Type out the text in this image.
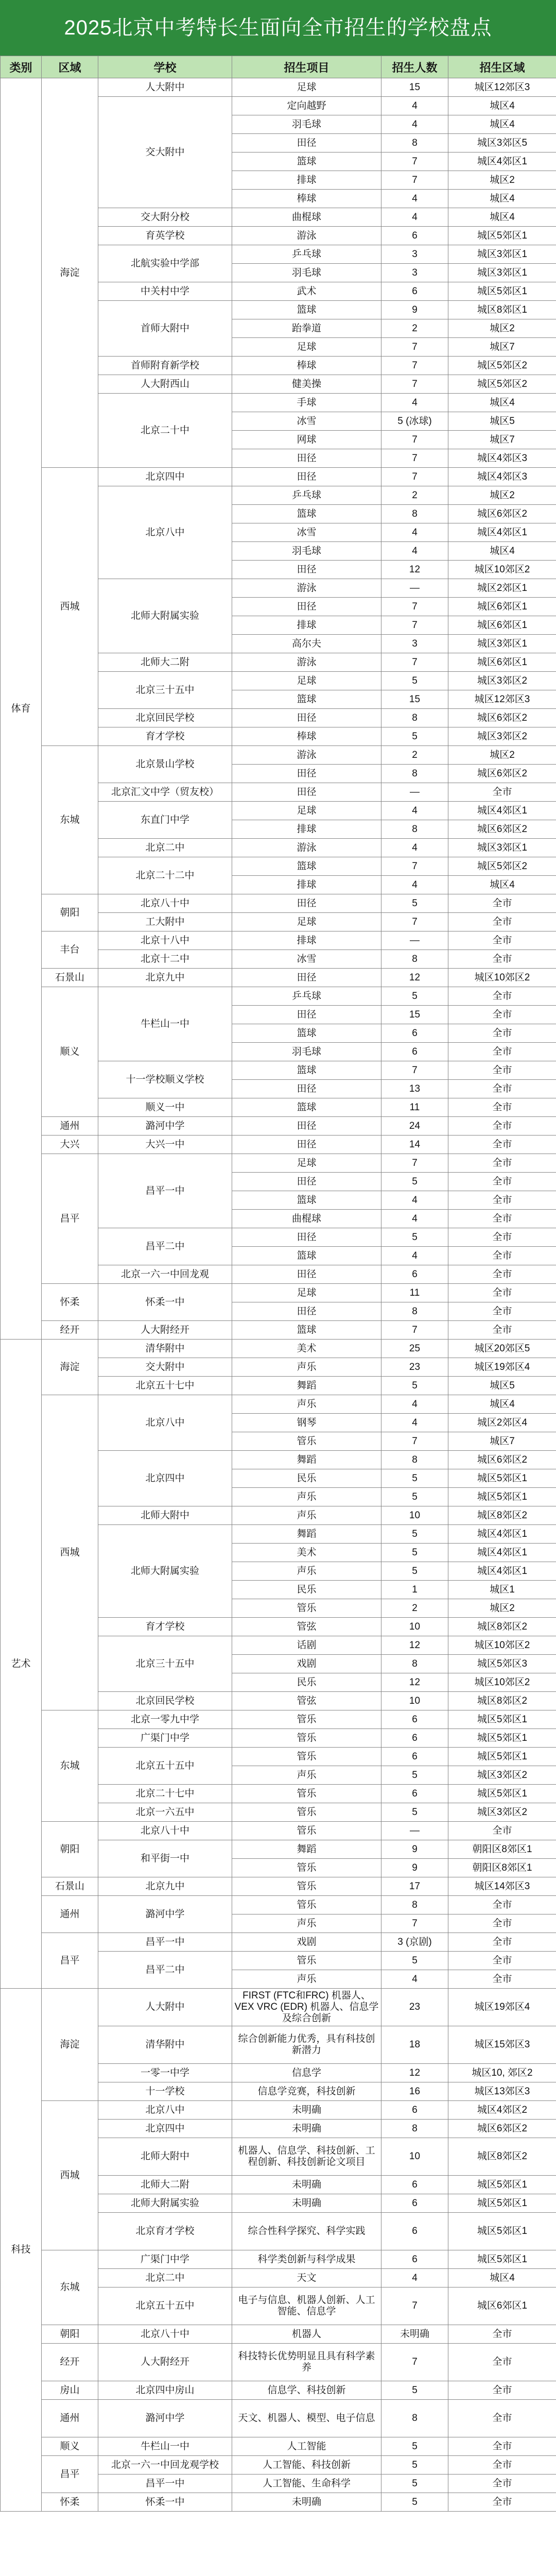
2025北京中考特长生面向全市招生的学校盘点
类别	区域	学校	招生项目	招生人数	招生区域
体育	海淀	人大附中	足球	15	城区12郊区3
		交大附中	定向越野	4	城区4
			羽毛球	4	城区4
			田径	8	城区3郊区5
			篮球	7	城区4郊区1
			排球	7	城区2
			棒球	4	城区4
		交大附分校	曲棍球	4	城区4
		育英学校	游泳	6	城区5郊区1
		北航实验中学部	乒乓球	3	城区3郊区1
			羽毛球	3	城区3郊区1
		中关村中学	武术	6	城区5郊区1
		首师大附中	篮球	9	城区8郊区1
			跆拳道	2	城区2
			足球	7	城区7
		首师附育新学校	棒球	7	城区5郊区2
		人大附西山	健美操	7	城区5郊区2
		北京二十中	手球	4	城区4
			冰雪	5 (冰球)	城区5
			网球	7	城区7
			田径	7	城区4郊区3
	西城	北京四中	田径	7	城区4郊区3
		北京八中	乒乓球	2	城区2
			篮球	8	城区6郊区2
			冰雪	4	城区4郊区1
			羽毛球	4	城区4
			田径	12	城区10郊区2
		北师大附属实验	游泳	—	城区2郊区1
			田径	7	城区6郊区1
			排球	7	城区6郊区1
			高尔夫	3	城区3郊区1
		北师大二附	游泳	7	城区6郊区1
		北京三十五中	足球	5	城区3郊区2
			篮球	15	城区12郊区3
		北京回民学校	田径	8	城区6郊区2
		育才学校	棒球	5	城区3郊区2
	东城	北京景山学校	游泳	2	城区2
			田径	8	城区6郊区2
		北京汇文中学（贸友校）	田径	—	全市
		东直门中学	足球	4	城区4郊区1
			排球	8	城区6郊区2
		北京二中	游泳	4	城区3郊区1
		北京二十二中	篮球	7	城区5郊区2
			排球	4	城区4
	朝阳	北京八十中	田径	5	全市
		工大附中	足球	7	全市
	丰台	北京十八中	排球	—	全市
		北京十二中	冰雪	8	全市
	石景山	北京九中	田径	12	城区10郊区2
	顺义	牛栏山一中	乒乓球	5	全市
			田径	15	全市
			篮球	6	全市
			羽毛球	6	全市
		十一学校顺义学校	篮球	7	全市
			田径	13	全市
		顺义一中	篮球	11	全市
	通州	潞河中学	田径	24	全市
	大兴	大兴一中	田径	14	全市
	昌平	昌平一中	足球	7	全市
			田径	5	全市
			篮球	4	全市
			曲棍球	4	全市
		昌平二中	田径	5	全市
			篮球	4	全市
		北京一六一中回龙观	田径	6	全市
	怀柔	怀柔一中	足球	11	全市
			田径	8	全市
	经开	人大附经开	篮球	7	全市
艺术	海淀	清华附中	美术	25	城区20郊区5
		交大附中	声乐	23	城区19郊区4
		北京五十七中	舞蹈	5	城区5
	西城	北京八中	声乐	4	城区4
			钢琴	4	城区2郊区4
			管乐	7	城区7
		北京四中	舞蹈	8	城区6郊区2
			民乐	5	城区5郊区1
			声乐	5	城区5郊区1
		北师大附中	声乐	10	城区8郊区2
		北师大附属实验	舞蹈	5	城区4郊区1
			美术	5	城区4郊区1
			声乐	5	城区4郊区1
			民乐	1	城区1
			管乐	2	城区2
		育才学校	管弦	10	城区8郊区2
		北京三十五中	话剧	12	城区10郊区2
			戏剧	8	城区5郊区3
			民乐	12	城区10郊区2
		北京回民学校	管弦	10	城区8郊区2
	东城	北京一零九中学	管乐	6	城区5郊区1
		广渠门中学	管乐	6	城区5郊区1
		北京五十五中	管乐	6	城区5郊区1
			声乐	5	城区3郊区2
		北京二十七中	管乐	6	城区5郊区1
		北京一六五中	管乐	5	城区3郊区2
	朝阳	北京八十中	管乐	—	全市
		和平街一中	舞蹈	9	朝阳区8郊区1
			管乐	9	朝阳区8郊区1
	石景山	北京九中	管乐	17	城区14郊区3
	通州	潞河中学	管乐	8	全市
			声乐	7	全市
	昌平	昌平一中	戏剧	3 (京剧)	全市
		昌平二中	管乐	5	全市
			声乐	4	全市
科技	海淀	人大附中	FIRST (FTC和FRC) 机器人、VEX VRC (EDR) 机器人、信息学及综合创新	23	城区19郊区4
		清华附中	综合创新能力优秀，具有科技创新潜力	18	城区15郊区3
		一零一中学	信息学	12	城区10, 郊区2
		十一学校	信息学竞赛，科技创新	16	城区13郊区3
	西城	北京八中	未明确	6	城区4郊区2
		北京四中	未明确	8	城区6郊区2
		北师大附中	机器人、信息学、科技创新、工程创新、科技创新论文项目	10	城区8郊区2
		北师大二附	未明确	6	城区5郊区1
		北师大附属实验	未明确	6	城区5郊区1
		北京育才学校	综合性科学探究、科学实践	6	城区5郊区1
	东城	广渠门中学	科学类创新与科学成果	6	城区5郊区1
		北京二中	天文	4	城区4
		北京五十五中	电子与信息、机器人创新、人工智能、信息学	7	城区6郊区1
	朝阳	北京八十中	机器人	未明确	全市
	经开	人大附经开	科技特长优势明显且具有科学素养	7	全市
	房山	北京四中房山	信息学、科技创新	5	全市
	通州	潞河中学	天文、机器人、模型、电子信息	8	全市
	顺义	牛栏山一中	人工智能	5	全市
	昌平	北京一六一中回龙观学校	人工智能、科技创新	5	全市
		昌平一中	人工智能、生命科学	5	全市
	怀柔	怀柔一中	未明确	5	全市
